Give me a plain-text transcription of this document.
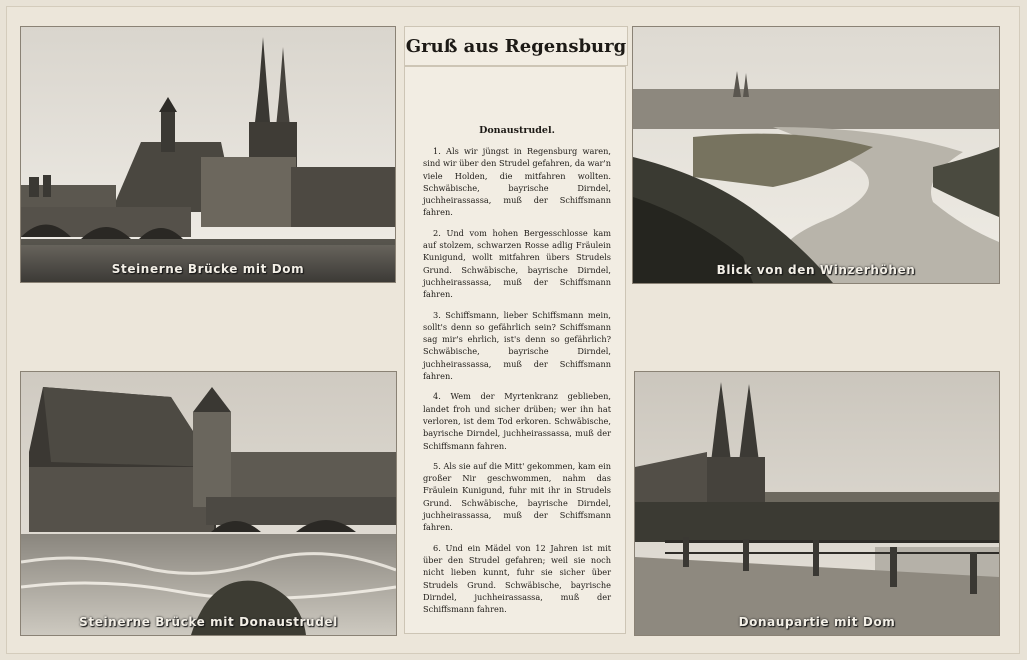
Steinerne Brücke mit Dom	Blick von den Winzerhöhen
Steinerne Brücke mit Donaustrudel	Donaupartie mit Dom
Gruß aus Regensburg
Donaustrudel.

1. Als wir jüngst in Regensburg waren, sind wir über den Strudel gefahren, da war'n viele Holden, die mitfahren wollten. Schwäbische, bayrische Dirndel, juchheirassassa, muß der Schiffsmann fahren.

2. Und vom hohen Bergesschlosse kam auf stolzem, schwarzen Rosse adlig Fräulein Kunigund, wollt mitfahren übers Strudels Grund. Schwäbische, bayrische Dirndel, juchheirassassa, muß der Schiffsmann fahren.

3. Schiffsmann, lieber Schiffsmann mein, sollt's denn so gefährlich sein? Schiffsmann sag mir's ehrlich, ist's denn so gefährlich? Schwäbische, bayrische Dirndel, juchheirassassa, muß der Schiffsmann fahren.

4. Wem der Myrtenkranz geblieben, landet froh und sicher drüben; wer ihn hat verloren, ist dem Tod erkoren. Schwäbische, bayrische Dirndel, juchheirassassa, muß der Schiffsmann fahren.

5. Als sie auf die Mitt' gekommen, kam ein großer Nir geschwommen, nahm das Fräulein Kunigund, fuhr mit ihr in Strudels Grund. Schwäbische, bayrische Dirndel, juchheirassassa, muß der Schiffsmann fahren.

6. Und ein Mädel von 12 Jahren ist mit über den Strudel gefahren; weil sie noch nicht lieben kunnt, fuhr sie sicher über Strudels Grund. Schwäbische, bayrische Dirndel, juchheirassassa, muß der Schiffsmann fahren.
